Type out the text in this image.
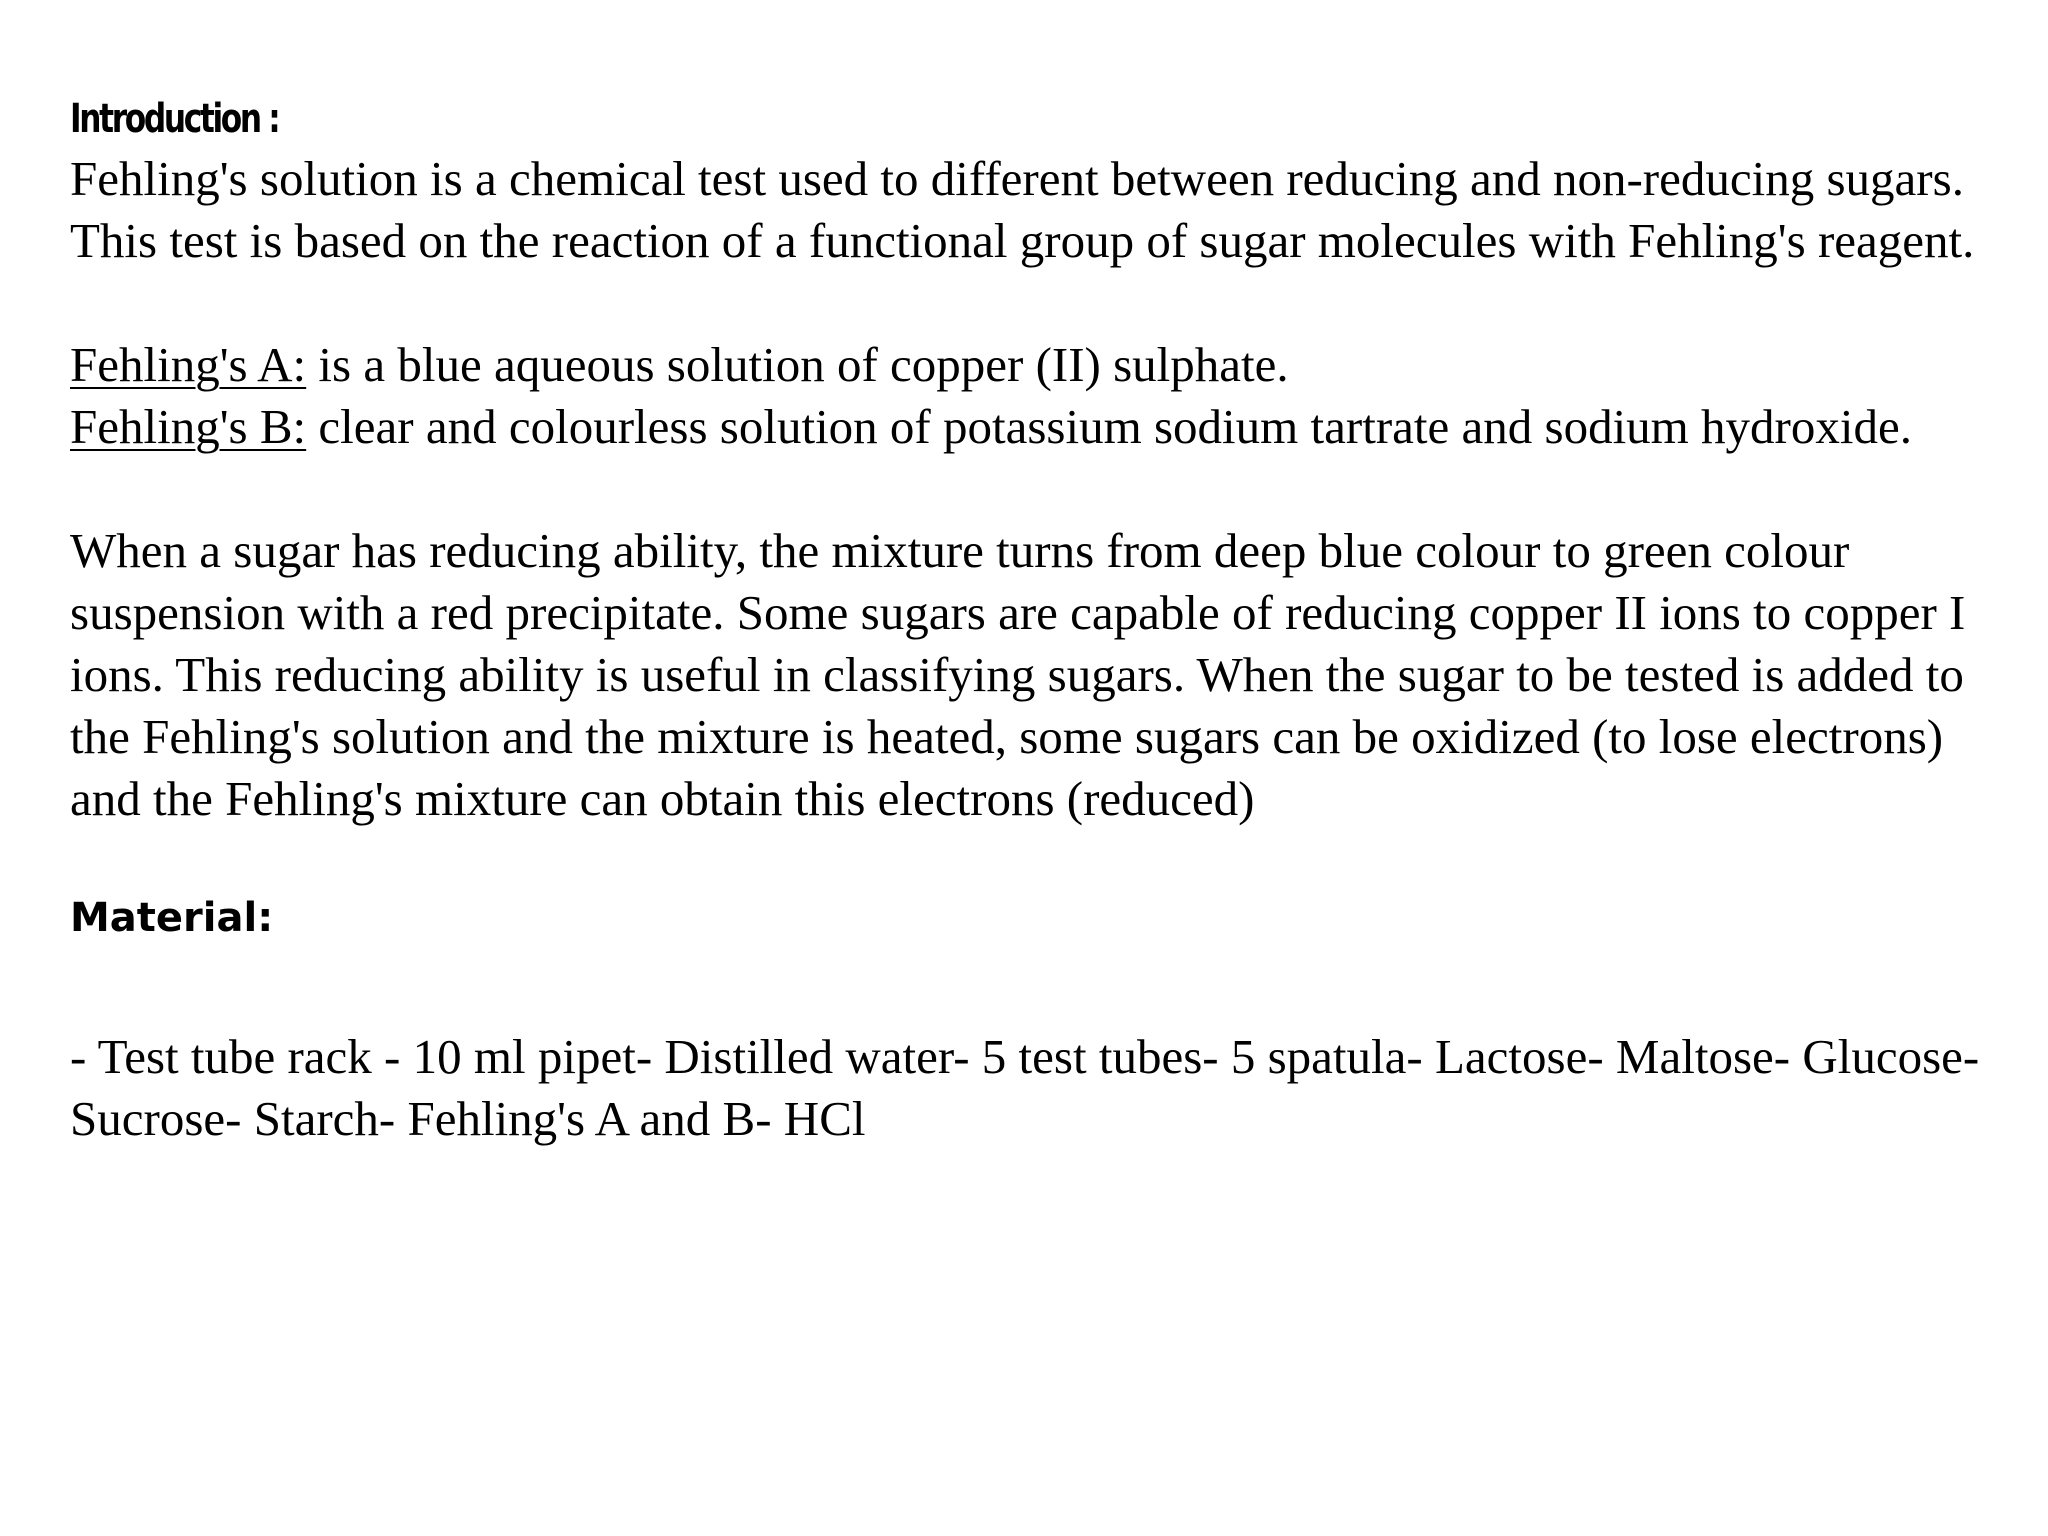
Introduction :

Fehling's solution is a chemical test used to different between reducing and non-reducing sugars. This test is based on the reaction of a functional group of sugar molecules with Fehling's reagent.

Fehling's A: is a blue aqueous solution of copper (II) sulphate.

Fehling's B: clear and colourless solution of potassium sodium tartrate and sodium hydroxide.

When a sugar has reducing ability, the mixture turns from deep blue colour to green colour suspension with a red precipitate. Some sugars are capable of reducing copper II ions to copper I ions. This reducing ability is useful in classifying sugars. When the sugar to be tested is added to the Fehling's solution and the mixture is heated, some sugars can be oxidized (to lose electrons) and the Fehling's mixture can obtain this electrons (reduced)

Material:

- Test tube rack - 10 ml pipet- Distilled water- 5 test tubes- 5 spatula- Lactose- Maltose- Glucose- Sucrose- Starch- Fehling's A and B- HCl
